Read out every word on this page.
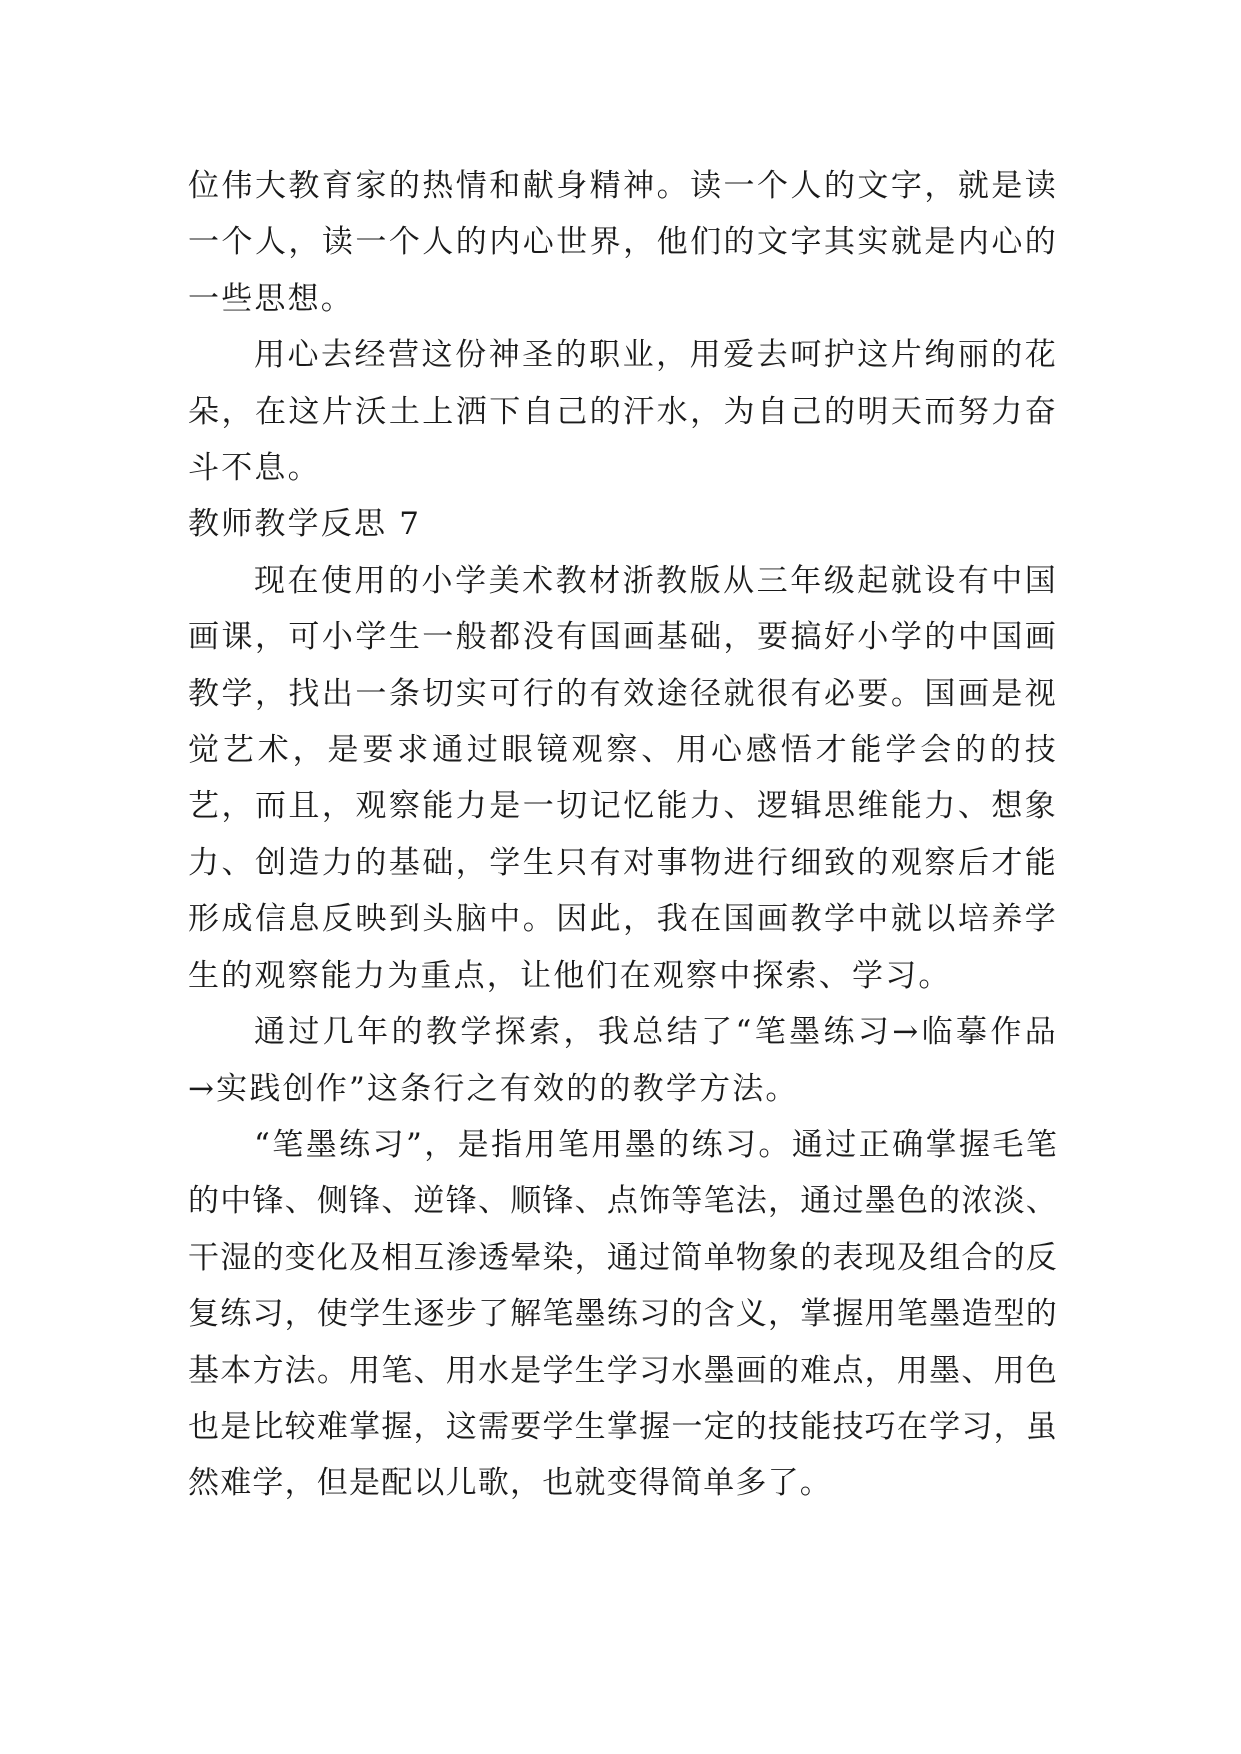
位伟大教育家的热情和献身精神。读一个人的文字，就是读一个人，读一个人的内心世界，他们的文字其实就是内心的一些思想。

用心去经营这份神圣的职业，用爱去呵护这片绚丽的花朵，在这片沃土上洒下自己的汗水，为自己的明天而努力奋斗不息。

教师教学反思 7

现在使用的小学美术教材浙教版从三年级起就设有中国画课，可小学生一般都没有国画基础，要搞好小学的中国画教学，找出一条切实可行的有效途径就很有必要。国画是视觉艺术，是要求通过眼镜观察、用心感悟才能学会的的技艺，而且，观察能力是一切记忆能力、逻辑思维能力、想象力、创造力的基础，学生只有对事物进行细致的观察后才能形成信息反映到头脑中。因此，我在国画教学中就以培养学生的观察能力为重点，让他们在观察中探索、学习。

通过几年的教学探索，我总结了“笔墨练习→临摹作品→实践创作”这条行之有效的的教学方法。

“笔墨练习”，是指用笔用墨的练习。通过正确掌握毛笔的中锋、侧锋、逆锋、顺锋、点饰等笔法，通过墨色的浓淡、干湿的变化及相互渗透晕染，通过简单物象的表现及组合的反复练习，使学生逐步了解笔墨练习的含义，掌握用笔墨造型的基本方法。用笔、用水是学生学习水墨画的难点，用墨、用色也是比较难掌握，这需要学生掌握一定的技能技巧在学习，虽然难学，但是配以儿歌，也就变得简单多了。
